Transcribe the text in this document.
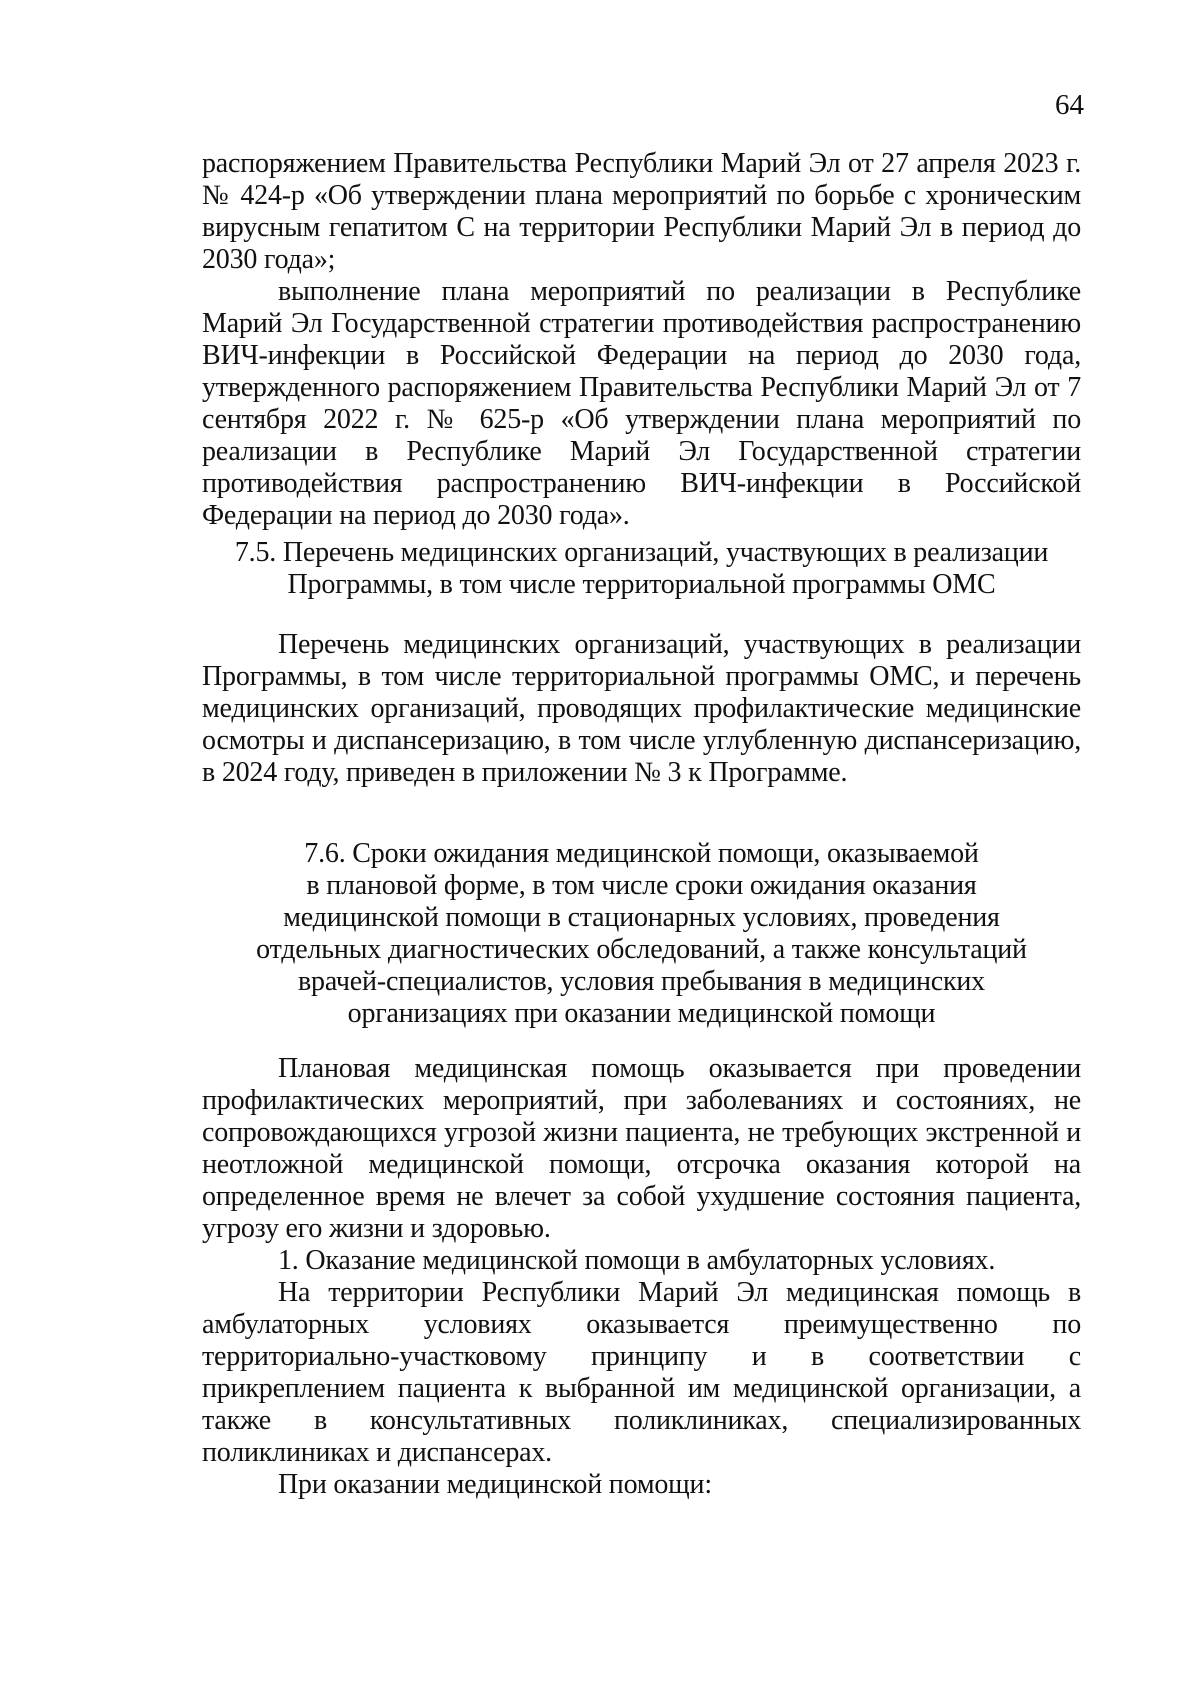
64

распоряжением Правительства Республики Марий Эл от 27 апреля 2023 г. № 424-р «Об утверждении плана мероприятий по борьбе с хроническим вирусным гепатитом С на территории Республики Марий Эл в период до 2030 года»;

выполнение плана мероприятий по реализации в Республике Марий Эл Государственной стратегии противодействия распространению ВИЧ-инфекции в Российской Федерации на период до 2030 года, утвержденного распоряжением Правительства Республики Марий Эл от 7 сентября 2022 г. № 625-р «Об утверждении плана мероприятий по реализации в Республике Марий Эл Государственной стратегии противодействия распространению ВИЧ-инфекции в Российской Федерации на период до 2030 года».

7.5. Перечень медицинских организаций, участвующих в реализации
Программы, в том числе территориальной программы ОМС

Перечень медицинских организаций, участвующих в реализации Программы, в том числе территориальной программы ОМС, и перечень медицинских организаций, проводящих профилактические медицинские осмотры и диспансеризацию, в том числе углубленную диспансеризацию, в 2024 году, приведен в приложении № 3 к Программе.

7.6. Сроки ожидания медицинской помощи, оказываемой
в плановой форме, в том числе сроки ожидания оказания
медицинской помощи в стационарных условиях, проведения
отдельных диагностических обследований, а также консультаций
врачей-специалистов, условия пребывания в медицинских
организациях при оказании медицинской помощи

Плановая медицинская помощь оказывается при проведении профилактических мероприятий, при заболеваниях и состояниях, не сопровождающихся угрозой жизни пациента, не требующих экстренной и неотложной медицинской помощи, отсрочка оказания которой на определенное время не влечет за собой ухудшение состояния пациента, угрозу его жизни и здоровью.

1. Оказание медицинской помощи в амбулаторных условиях.

На территории Республики Марий Эл медицинская помощь в амбулаторных условиях оказывается преимущественно по территориально-участковому принципу и в соответствии с прикреплением пациента к выбранной им медицинской организации, а также в консультативных поликлиниках, специализированных поликлиниках и диспансерах.

При оказании медицинской помощи:
